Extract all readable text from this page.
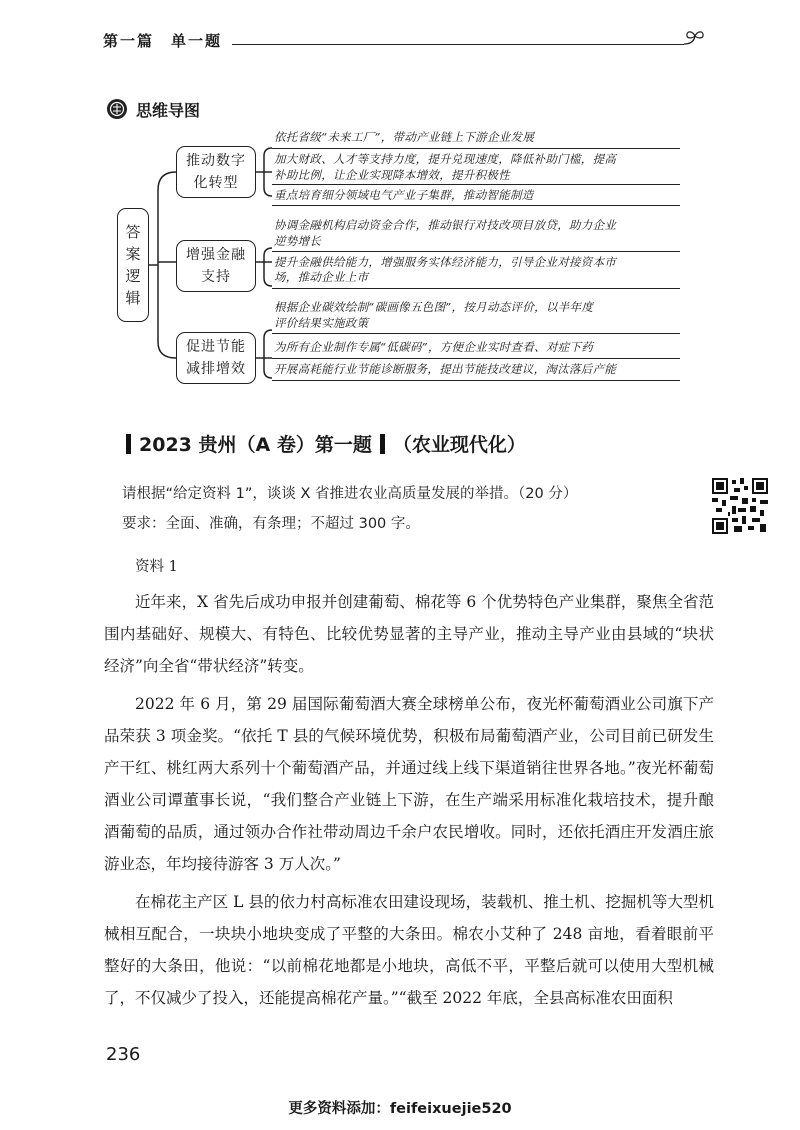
第一篇　单一题
思维导图
答
案
逻
辑
推动数字
化转型
依托省级“未来工厂”，带动产业链上下游企业发展
加大财政、人才等支持力度，提升兑现速度，降低补助门槛，提高
补助比例，让企业实现降本增效，提升积极性
重点培育细分领域电气产业子集群，推动智能制造
增强金融
支持
协调金融机构启动资金合作，推动银行对技改项目放贷，助力企业
逆势增长
提升金融供给能力，增强服务实体经济能力，引导企业对接资本市
场，推动企业上市
促进节能
减排增效
根据企业碳效绘制“碳画像五色图”，按月动态评价，以半年度
评价结果实施政策
为所有企业制作专属“低碳码”，方便企业实时查看、对症下药
开展高耗能行业节能诊断服务，提出节能技改建议，淘汰落后产能
2023 贵州（A 卷）第一题 （农业现代化）
请根据“给定资料 1”，谈谈 X 省推进农业高质量发展的举措。（20 分）
要求：全面、准确，有条理；不超过 300 字。
资料 1

近年来，X 省先后成功申报并创建葡萄、棉花等 6 个优势特色产业集群，聚焦全省范围内基础好、规模大、有特色、比较优势显著的主导产业，推动主导产业由县域的“块状经济”向全省“带状经济”转变。

2022 年 6 月，第 29 届国际葡萄酒大赛全球榜单公布，夜光杯葡萄酒业公司旗下产品荣获 3 项金奖。“依托 T 县的气候环境优势，积极布局葡萄酒产业，公司目前已研发生产干红、桃红两大系列十个葡萄酒产品，并通过线上线下渠道销往世界各地。”夜光杯葡萄酒业公司谭董事长说，“我们整合产业链上下游，在生产端采用标准化栽培技术，提升酿酒葡萄的品质，通过领办合作社带动周边千余户农民增收。同时，还依托酒庄开发酒庄旅游业态，年均接待游客 3 万人次。”

在棉花主产区 L 县的依力村高标准农田建设现场，装载机、推土机、挖掘机等大型机械相互配合，一块块小地块变成了平整的大条田。棉农小艾种了 248 亩地，看着眼前平整好的大条田，他说：“以前棉花地都是小地块，高低不平，平整后就可以使用大型机械了，不仅减少了投入，还能提高棉花产量。”“截至 2022 年底，全县高标准农田面积

236
更多资料添加：feifeixuejie520
